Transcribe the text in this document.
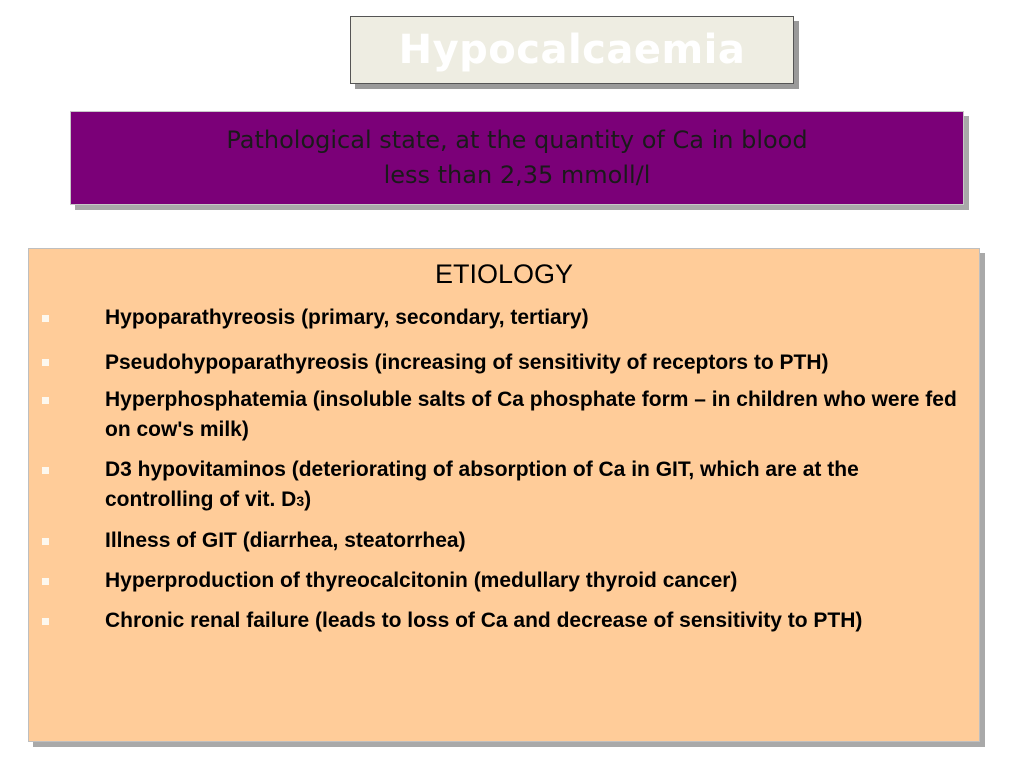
Hypocalcaemia
Pathological state, at the quantity of Ca in blood
less than 2,35 mmoll/l
ETIOLOGY
Hypoparathyreosis (primary, secondary, tertiary)
Pseudohypoparathyreosis (increasing of sensitivity of receptors to PTH)
Hyperphosphatemia (insoluble salts of Ca phosphate form – in children who were fed on cow's milk)
D3 hypovitaminos (deteriorating of absorption of Ca in GIT, which are at the controlling of vit. D3)
Illness of GIT (diarrhea, steatorrhea)
Hyperproduction of thyreocalcitonin (medullary thyroid cancer)
Chronic renal failure (leads to loss of Ca and decrease of sensitivity to PTH)
